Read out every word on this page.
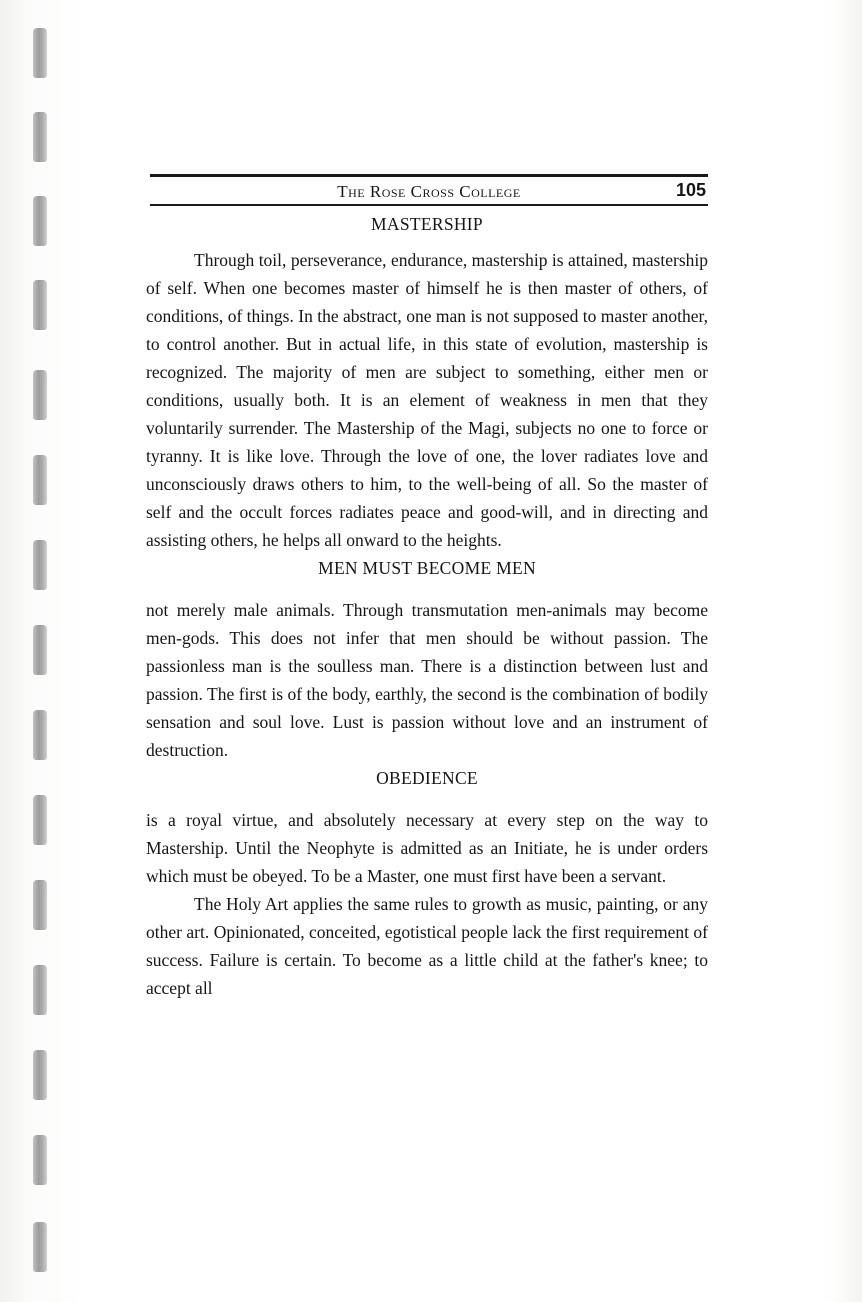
The Rose Cross College	105
MASTERSHIP

Through toil, perseverance, endurance, mastership is attained, mastership of self. When one becomes master of himself he is then master of others, of conditions, of things. In the abstract, one man is not supposed to master another, to control another. But in actual life, in this state of evolution, mastership is recognized. The majority of men are subject to something, either men or conditions, usually both. It is an element of weakness in men that they voluntarily surrender. The Mastership of the Magi, subjects no one to force or tyranny. It is like love. Through the love of one, the lover radiates love and unconsciously draws others to him, to the well-being of all. So the master of self and the occult forces radiates peace and good-will, and in directing and assisting others, he helps all onward to the heights.

MEN MUST BECOME MEN

not merely male animals. Through transmutation men-animals may become men-gods. This does not infer that men should be without passion. The passionless man is the soulless man. There is a distinction between lust and passion. The first is of the body, earthly, the second is the combination of bodily sensation and soul love. Lust is passion without love and an instrument of destruction.

OBEDIENCE

is a royal virtue, and absolutely necessary at every step on the way to Mastership. Until the Neophyte is admitted as an Initiate, he is under orders which must be obeyed. To be a Master, one must first have been a servant.

The Holy Art applies the same rules to growth as music, painting, or any other art. Opinionated, conceited, egotistical people lack the first requirement of success. Failure is certain. To become as a little child at the father's knee; to accept all
